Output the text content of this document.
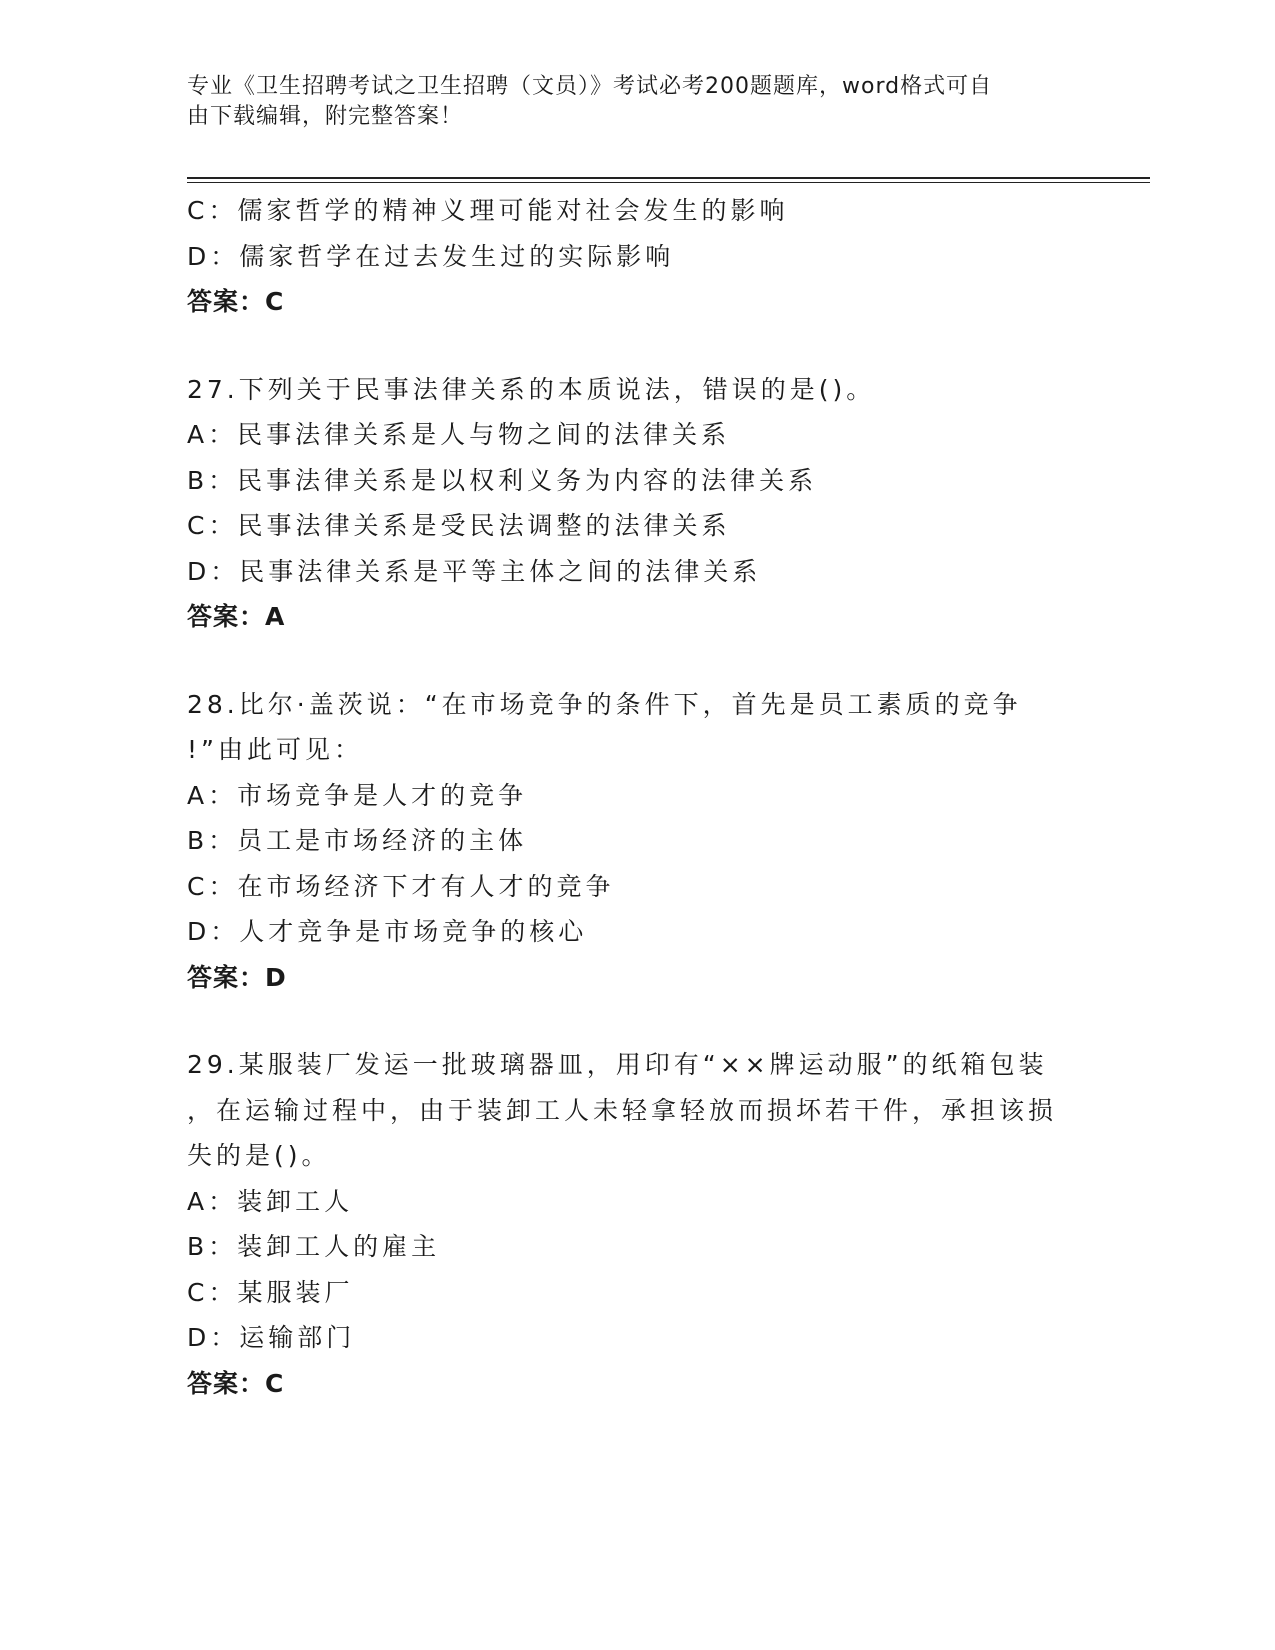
专业《卫生招聘考试之卫生招聘（文员）》考试必考200题题库，word格式可自
由下载编辑，附完整答案！
C：儒家哲学的精神义理可能对社会发生的影响
D：儒家哲学在过去发生过的实际影响
答案：C
27.下列关于民事法律关系的本质说法，错误的是()。
A：民事法律关系是人与物之间的法律关系
B：民事法律关系是以权利义务为内容的法律关系
C：民事法律关系是受民法调整的法律关系
D：民事法律关系是平等主体之间的法律关系
答案：A
28.比尔·盖茨说：“在市场竞争的条件下，首先是员工素质的竞争
!”由此可见：
A：市场竞争是人才的竞争
B：员工是市场经济的主体
C：在市场经济下才有人才的竞争
D：人才竞争是市场竞争的核心
答案：D
29.某服装厂发运一批玻璃器皿，用印有“××牌运动服”的纸箱包装
，在运输过程中，由于装卸工人未轻拿轻放而损坏若干件，承担该损
失的是()。
A：装卸工人
B：装卸工人的雇主
C：某服装厂
D：运输部门
答案：C
